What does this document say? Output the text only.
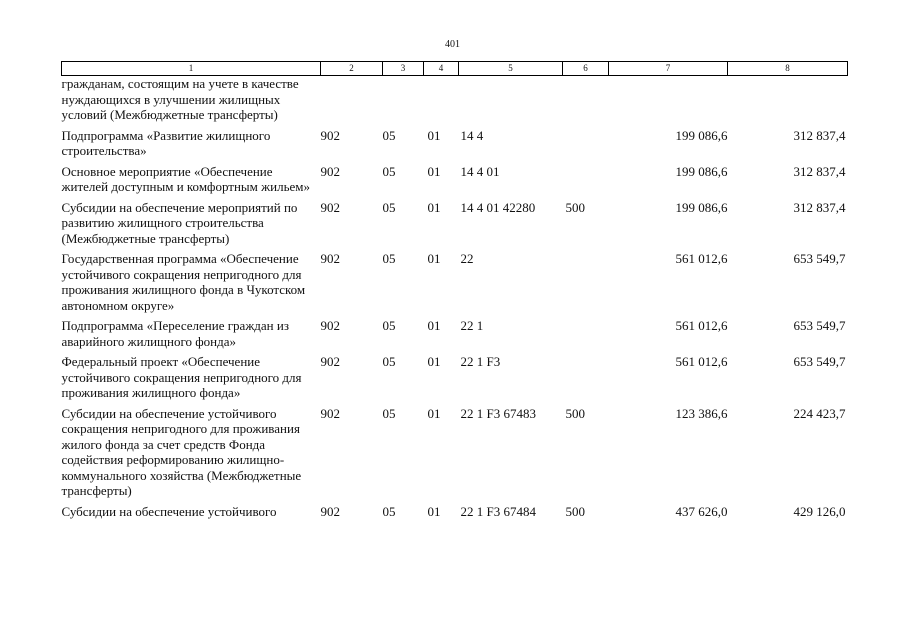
401
1	2	3	4	5	6	7	8
гражданам, состоящим на учете в качестве нуждающихся в улучшении жилищных условий (Межбюджетные трансферты)							
Подпрограмма «Развитие жилищного строительства»	902	05	01	14 4		199 086,6	312 837,4
Основное мероприятие «Обеспечение жителей доступным и комфортным жильем»	902	05	01	14 4 01		199 086,6	312 837,4
Субсидии на обеспечение мероприятий по развитию жилищного строительства (Межбюджетные трансферты)	902	05	01	14 4 01 42280	500	199 086,6	312 837,4
Государственная программа «Обеспечение устойчивого сокращения непригодного для проживания жилищного фонда в Чукотском автономном округе»	902	05	01	22		561 012,6	653 549,7
Подпрограмма «Переселение граждан из аварийного жилищного фонда»	902	05	01	22 1		561 012,6	653 549,7
Федеральный проект «Обеспечение устойчивого сокращения непригодного для проживания жилищного фонда»	902	05	01	22 1 F3		561 012,6	653 549,7
Субсидии на обеспечение устойчивого сокращения непригодного для проживания жилого фонда за счет средств Фонда содействия реформированию жилищно-коммунального хозяйства (Межбюджетные трансферты)	902	05	01	22 1 F3 67483	500	123 386,6	224 423,7
Субсидии на обеспечение устойчивого	902	05	01	22 1 F3 67484	500	437 626,0	429 126,0
